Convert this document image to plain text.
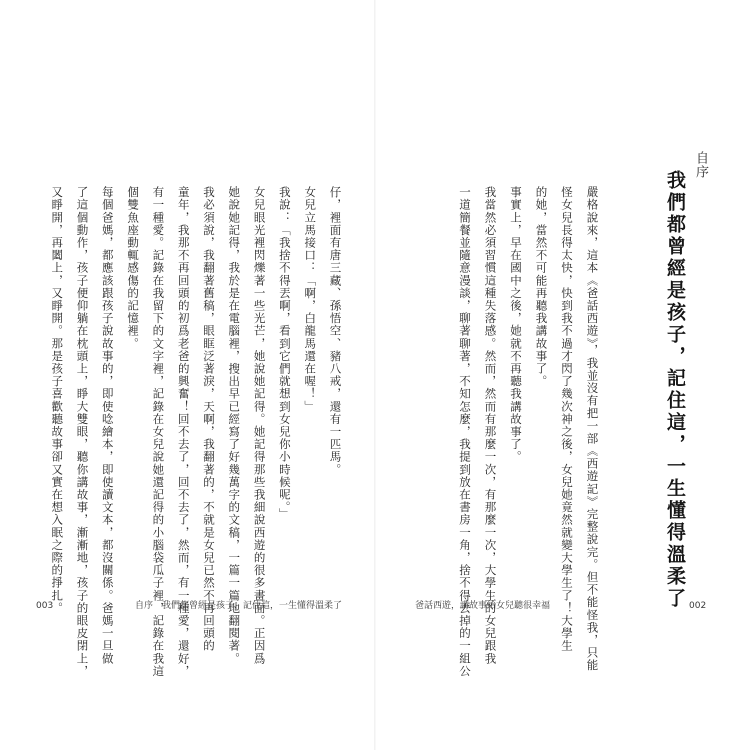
仔，裡面有唐三藏、孫悟空、豬八戒，還有一匹馬。
女兒立馬接口：「啊，白龍馬還在喔！」
我說：「我捨不得丟啊，看到它們就想到女兒你小時候呢。」
女兒眼光裡閃爍著一些光芒，她說她記得。她記得那些我細說西遊的很多畫面。正因爲
她說她記得，我於是在電腦裡，搜出早已經寫了好幾萬字的文稿，一篇一篇地翻閱著。
我必須說，我翻著舊稿，眼眶泛著淚，天啊，我翻著的，不就是女兒已然不再回頭的
童年，我那不再回頭的初爲老爸的興奮！回不去了，回不去了，然而，有一種愛，還好，
有一種愛。記錄在我留下的文字裡，記錄在女兒說她還記得的小腦袋瓜子裡，記錄在我這
個雙魚座動輒感傷的記憶裡。
每個爸媽，都應該跟孩子說故事的，即使唸繪本，即使讀文本，都沒關係。爸媽一旦做
了這個動作，孩子便仰躺在枕頭上，睜大雙眼，聽你講故事，漸漸地，孩子的眼皮閉上，
又睜開，再闔上，又睜開。那是孩子喜歡聽故事卻又實在想入眠之際的掙扎。
003	自序　我們都曾經是孩子，記住這，一生懂得溫柔了
自序
我們都曾經是孩子，記住這，一生懂得溫柔了
嚴格說來，這本《爸話西遊》，我並沒有把一部《西遊記》完整說完。但不能怪我，只能
怪女兒長得太快，快到我不過才閃了幾次神之後，女兒她竟然就變大學生了！大學生
的她，當然不可能再聽我講故事了。
事實上，早在國中之後，她就不再聽我講故事了。
我當然必須習慣這種失落感。然而，然而有那麼一次，有那麼一次，大學生的女兒跟我
一道簡餐並隨意漫談，聊著聊著，不知怎麼，我提到放在書房一角，捨不得丟掉的一組公
爸話西遊，講故事給女兒聽很幸福	002
